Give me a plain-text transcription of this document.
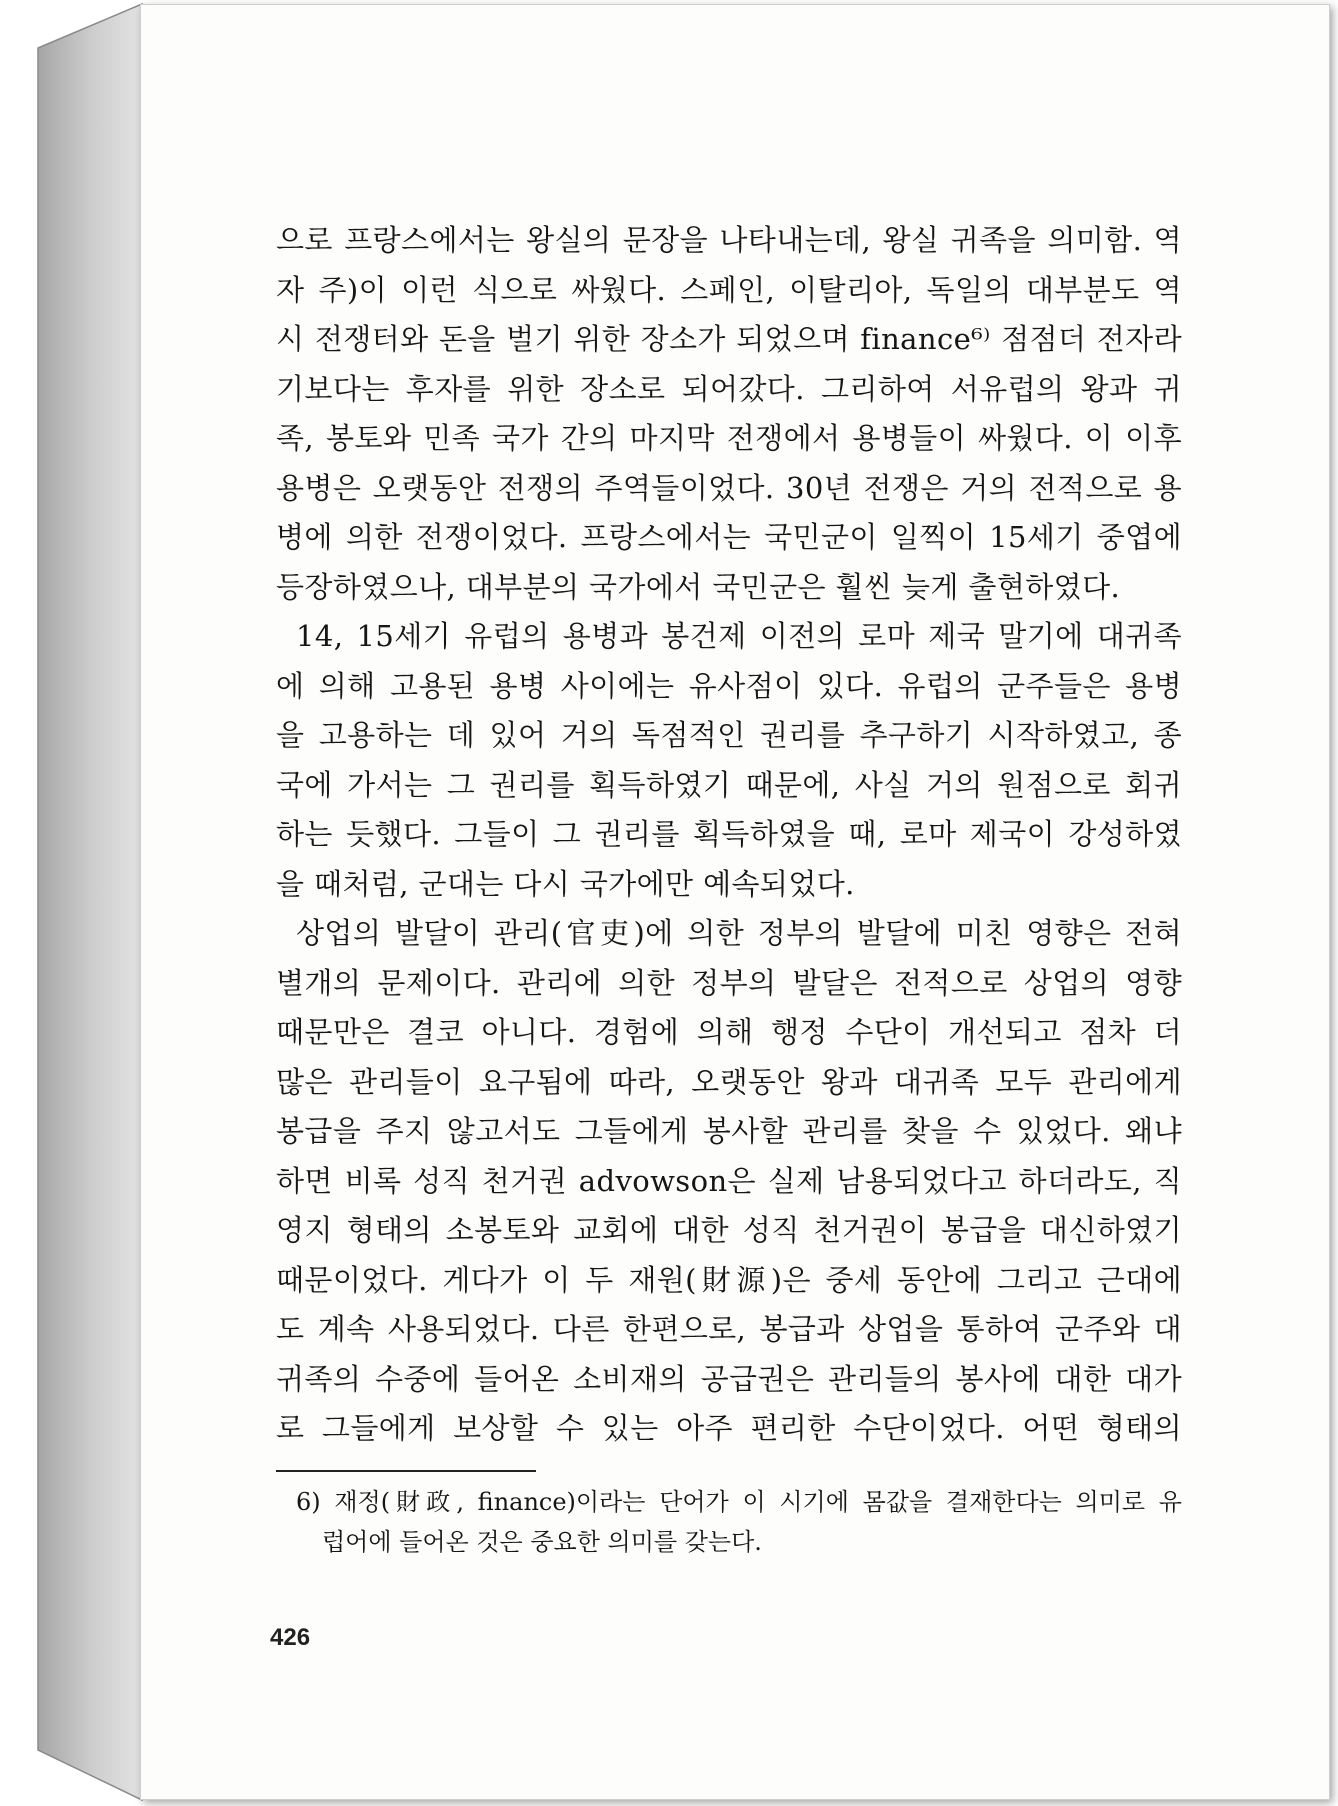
으로 프랑스에서는 왕실의 문장을 나타내는데, 왕실 귀족을 의미함. 역
자 주)이 이런 식으로 싸웠다. 스페인, 이탈리아, 독일의 대부분도 역
시 전쟁터와 돈을 벌기 위한 장소가 되었으며 finance⁶⁾ 점점더 전자라
기보다는 후자를 위한 장소로 되어갔다. 그리하여 서유럽의 왕과 귀
족, 봉토와 민족 국가 간의 마지막 전쟁에서 용병들이 싸웠다. 이 이후
용병은 오랫동안 전쟁의 주역들이었다. 30년 전쟁은 거의 전적으로 용
병에 의한 전쟁이었다. 프랑스에서는 국민군이 일찍이 15세기 중엽에
등장하였으나, 대부분의 국가에서 국민군은 훨씬 늦게 출현하였다.
14, 15세기 유럽의 용병과 봉건제 이전의 로마 제국 말기에 대귀족
에 의해 고용된 용병 사이에는 유사점이 있다. 유럽의 군주들은 용병
을 고용하는 데 있어 거의 독점적인 권리를 추구하기 시작하였고, 종
국에 가서는 그 권리를 획득하였기 때문에, 사실 거의 원점으로 회귀
하는 듯했다. 그들이 그 권리를 획득하였을 때, 로마 제국이 강성하였
을 때처럼, 군대는 다시 국가에만 예속되었다.
상업의 발달이 관리(官吏)에 의한 정부의 발달에 미친 영향은 전혀
별개의 문제이다. 관리에 의한 정부의 발달은 전적으로 상업의 영향
때문만은 결코 아니다. 경험에 의해 행정 수단이 개선되고 점차 더
많은 관리들이 요구됨에 따라, 오랫동안 왕과 대귀족 모두 관리에게
봉급을 주지 않고서도 그들에게 봉사할 관리를 찾을 수 있었다. 왜냐
하면 비록 성직 천거권 advowson은 실제 남용되었다고 하더라도, 직
영지 형태의 소봉토와 교회에 대한 성직 천거권이 봉급을 대신하였기
때문이었다. 게다가 이 두 재원(財源)은 중세 동안에 그리고 근대에
도 계속 사용되었다. 다른 한편으로, 봉급과 상업을 통하여 군주와 대
귀족의 수중에 들어온 소비재의 공급권은 관리들의 봉사에 대한 대가
로 그들에게 보상할 수 있는 아주 편리한 수단이었다. 어떤 형태의
6) 재정(財政, finance)이라는 단어가 이 시기에 몸값을 결재한다는 의미로 유
럽어에 들어온 것은 중요한 의미를 갖는다.
426
